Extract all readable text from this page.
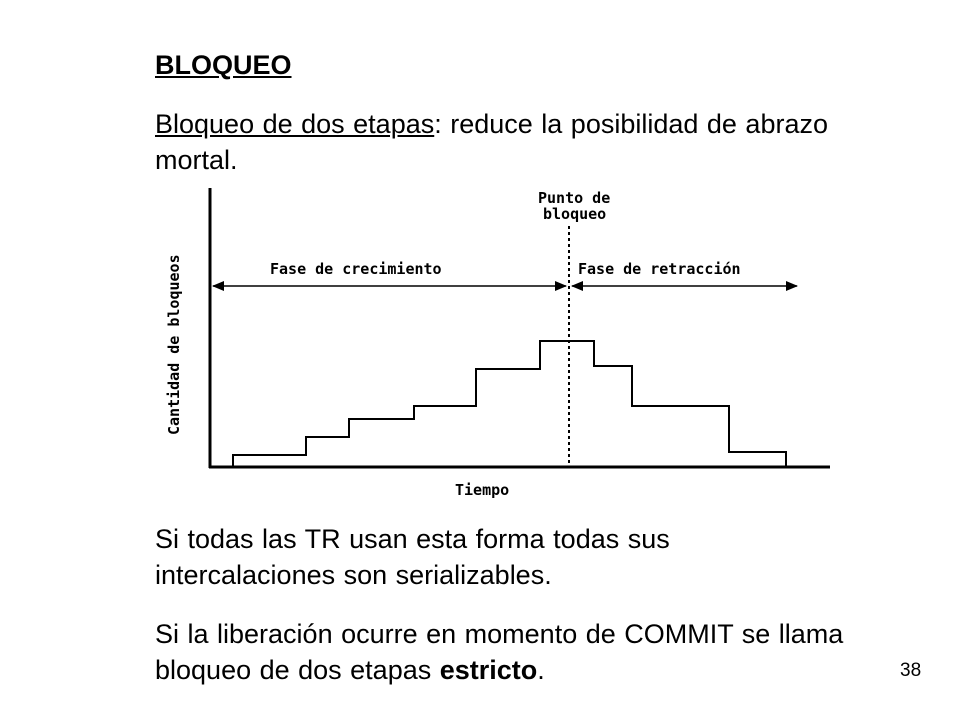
BLOQUEO

Bloqueo de dos etapas: reduce la posibilidad de abrazo mortal.

Cantidad de bloqueos
Tiempo
Punto de
bloqueo
Fase de crecimiento	Fase de retracción

Si todas las TR usan esta forma todas sus intercalaciones son serializables.

Si la liberación ocurre en momento de COMMIT se llama bloqueo de dos etapas estricto.	38
